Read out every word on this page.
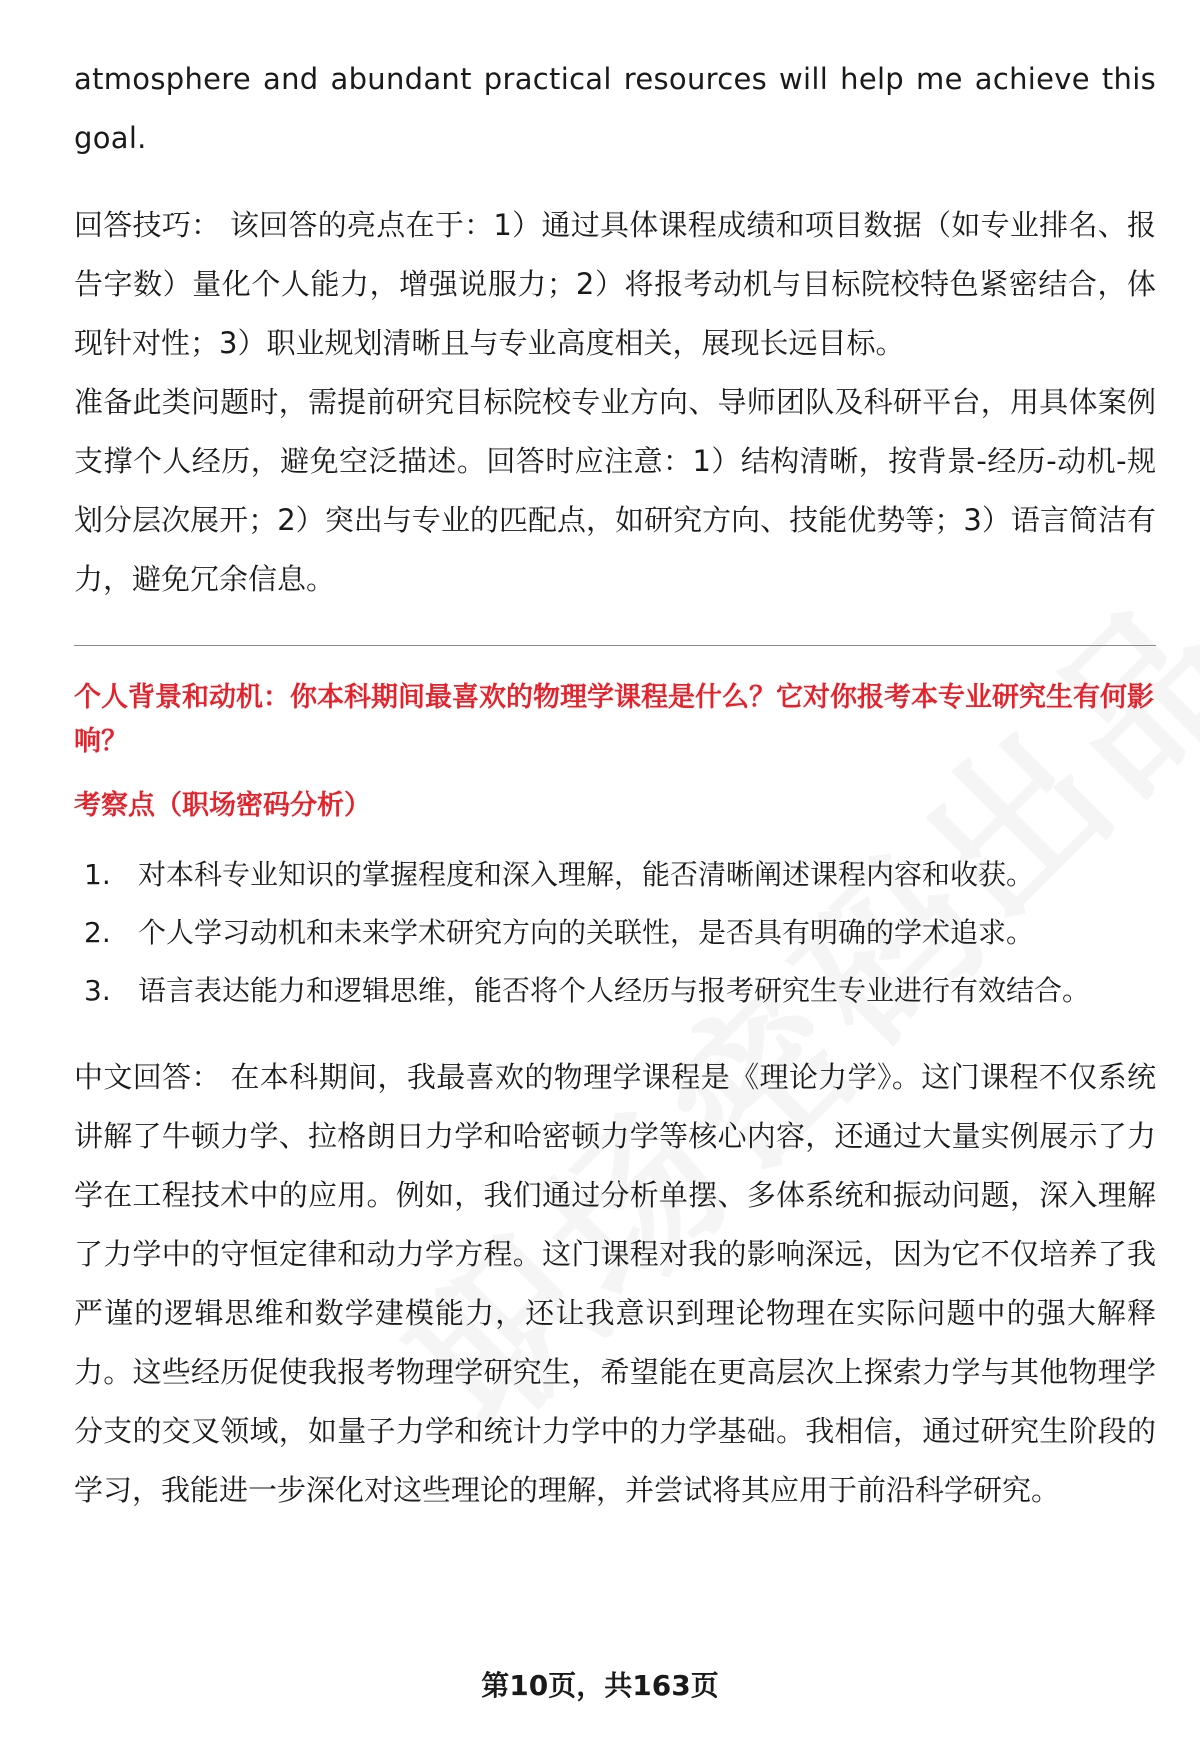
atmosphere and abundant practical resources will help me achieve this goal.

回答技巧： 该回答的亮点在于：1）通过具体课程成绩和项目数据（如专业排名、报告字数）量化个人能力，增强说服力；2）将报考动机与目标院校特色紧密结合，体现针对性；3）职业规划清晰且与专业高度相关，展现长远目标。

准备此类问题时，需提前研究目标院校专业方向、导师团队及科研平台，用具体案例支撑个人经历，避免空泛描述。回答时应注意：1）结构清晰，按背景-经历-动机-规划分层次展开；2）突出与专业的匹配点，如研究方向、技能优势等；3）语言简洁有力，避免冗余信息。

个人背景和动机：你本科期间最喜欢的物理学课程是什么？它对你报考本专业研究生有何影响？
考察点（职场密码分析）
1. 对本科专业知识的掌握程度和深入理解，能否清晰阐述课程内容和收获。
2. 个人学习动机和未来学术研究方向的关联性，是否具有明确的学术追求。
3. 语言表达能力和逻辑思维，能否将个人经历与报考研究生专业进行有效结合。

中文回答： 在本科期间，我最喜欢的物理学课程是《理论力学》。这门课程不仅系统讲解了牛顿力学、拉格朗日力学和哈密顿力学等核心内容，还通过大量实例展示了力学在工程技术中的应用。例如，我们通过分析单摆、多体系统和振动问题，深入理解了力学中的守恒定律和动力学方程。这门课程对我的影响深远，因为它不仅培养了我严谨的逻辑思维和数学建模能力，还让我意识到理论物理在实际问题中的强大解释力。这些经历促使我报考物理学研究生，希望能在更高层次上探索力学与其他物理学分支的交叉领域，如量子力学和统计力学中的力学基础。我相信，通过研究生阶段的学习，我能进一步深化对这些理论的理解，并尝试将其应用于前沿科学研究。

第10页，共163页
